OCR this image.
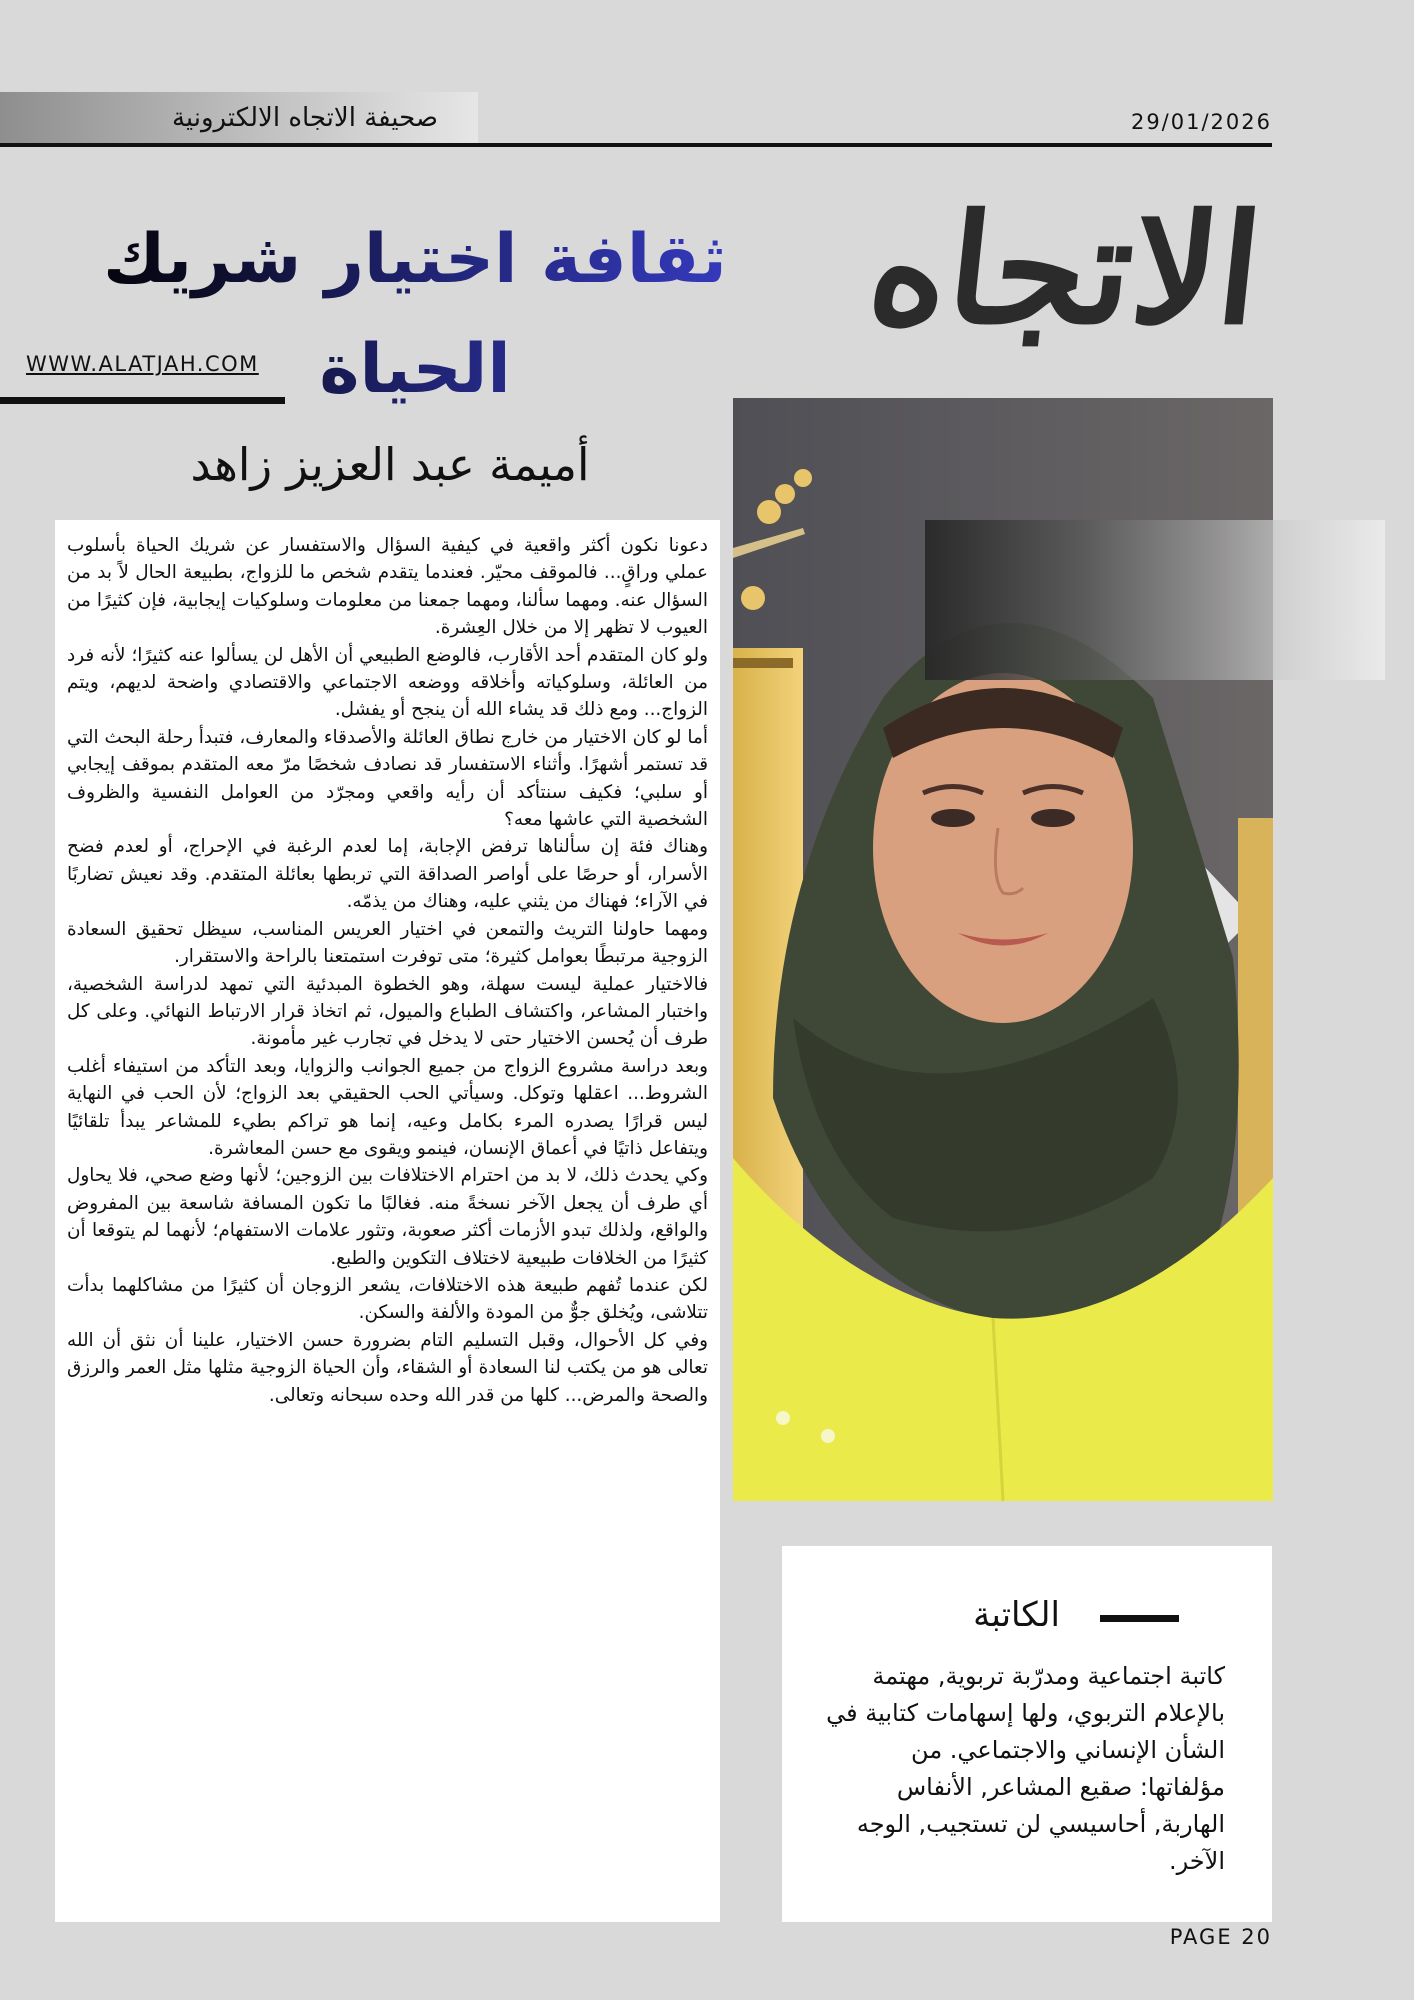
صحيفة الاتجاه الالكترونية	29/01/2026
ثقافة اختيار شريك الحياة
الاتجاه
WWW.ALATJAH.COM
أميمة عبد العزيز زاهد

دعونا نكون أكثر واقعية في كيفية السؤال والاستفسار عن شريك الحياة بأسلوب عملي وراقٍ... فالموقف محيّر. فعندما يتقدم شخص ما للزواج، بطبيعة الحال لاً بد من السؤال عنه. ومهما سألنا، ومهما جمعنا من معلومات وسلوكيات إيجابية، فإن كثيرًا من العيوب لا تظهر إلا من خلال العِشرة.

ولو كان المتقدم أحد الأقارب، فالوضع الطبيعي أن الأهل لن يسألوا عنه كثيرًا؛ لأنه فرد من العائلة، وسلوكياته وأخلاقه ووضعه الاجتماعي والاقتصادي واضحة لديهم، ويتم الزواج... ومع ذلك قد يشاء الله أن ينجح أو يفشل.

أما لو كان الاختيار من خارج نطاق العائلة والأصدقاء والمعارف، فتبدأ رحلة البحث التي قد تستمر أشهرًا. وأثناء الاستفسار قد نصادف شخصًا مرّ معه المتقدم بموقف إيجابي أو سلبي؛ فكيف سنتأكد أن رأيه واقعي ومجرّد من العوامل النفسية والظروف الشخصية التي عاشها معه؟

وهناك فئة إن سألناها ترفض الإجابة، إما لعدم الرغبة في الإحراج، أو لعدم فضح الأسرار، أو حرصًا على أواصر الصداقة التي تربطها بعائلة المتقدم. وقد نعيش تضاربًا في الآراء؛ فهناك من يثني عليه، وهناك من يذمّه.

ومهما حاولنا التريث والتمعن في اختيار العريس المناسب، سيظل تحقيق السعادة الزوجية مرتبطًا بعوامل كثيرة؛ متى توفرت استمتعنا بالراحة والاستقرار.

فالاختيار عملية ليست سهلة، وهو الخطوة المبدئية التي تمهد لدراسة الشخصية، واختبار المشاعر، واكتشاف الطباع والميول، ثم اتخاذ قرار الارتباط النهائي. وعلى كل طرف أن يُحسن الاختيار حتى لا يدخل في تجارب غير مأمونة.

وبعد دراسة مشروع الزواج من جميع الجوانب والزوايا، وبعد التأكد من استيفاء أغلب الشروط... اعقلها وتوكل. وسيأتي الحب الحقيقي بعد الزواج؛ لأن الحب في النهاية ليس قرارًا يصدره المرء بكامل وعيه، إنما هو تراكم بطيء للمشاعر يبدأ تلقائيًا ويتفاعل ذاتيًا في أعماق الإنسان، فينمو ويقوى مع حسن المعاشرة.

وكي يحدث ذلك، لا بد من احترام الاختلافات بين الزوجين؛ لأنها وضع صحي، فلا يحاول أي طرف أن يجعل الآخر نسخةً منه. فغالبًا ما تكون المسافة شاسعة بين المفروض والواقع، ولذلك تبدو الأزمات أكثر صعوبة، وتثور علامات الاستفهام؛ لأنهما لم يتوقعا أن كثيرًا من الخلافات طبيعية لاختلاف التكوين والطبع.

لكن عندما تُفهم طبيعة هذه الاختلافات، يشعر الزوجان أن كثيرًا من مشاكلهما بدأت تتلاشى، ويُخلق جوٌّ من المودة والألفة والسكن.

وفي كل الأحوال، وقبل التسليم التام بضرورة حسن الاختيار، علينا أن نثق أن الله تعالى هو من يكتب لنا السعادة أو الشقاء، وأن الحياة الزوجية مثلها مثل العمر والرزق والصحة والمرض... كلها من قدر الله وحده سبحانه وتعالى.

الكاتبة
كاتبة اجتماعية ومدرّبة تربوية, مهتمة بالإعلام التربوي، ولها إسهامات كتابية في الشأن الإنساني والاجتماعي. من مؤلفاتها: صقيع المشاعر, الأنفاس الهاربة, أحاسيسي لن تستجيب, الوجه الآخر.
PAGE 20
